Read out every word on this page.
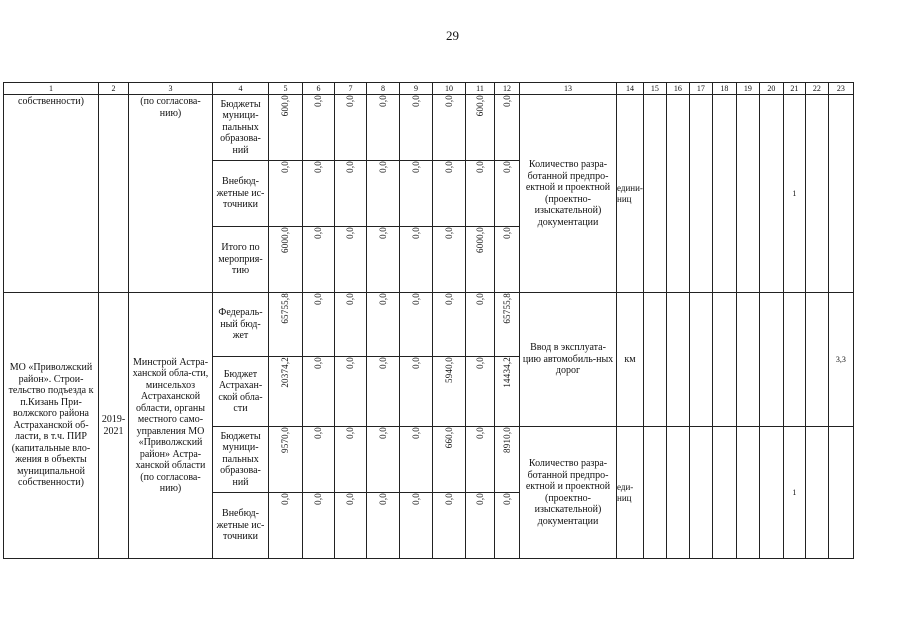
29
1	2	3	4	5	6	7	8	9	10	11	12	13	14	15	16	17	18	19	20	21	22	23
собственности)		(по согласова-нию)	Бюджеты муници-пальных образова-ний	600,0	0,0	0,0	0,0	0,0	0,0	600,0	0,0	Количество разра-ботанной предпро-ектной и проектной (проектно-изыскательной) документации	едини-ниц							1		
			Внебюд-жетные ис-точники	0,0	0,0	0,0	0,0	0,0	0,0	0,0	0,0											
			Итого по мероприя-тию	6000,0	0,0	0,0	0,0	0,0	0,0	6000,0	0,0											
МО «Приволжский район». Строи-тельство подъезда к п.Кизань При-волжского района Астраханской об-ласти, в т.ч. ПИР (капитальные вло-жения в объекты муниципальной собственности)	2019-2021	Минстрой Астра-ханской обла-сти, минсельхоз Астраханской области, органы местного само-управления МО «Приволжский район» Астра-ханской области (по согласова-нию)	Федераль-ный бюд-жет	65755,8	0,0	0,0	0,0	0,0	0,0	0,0	65755,8	Ввод в эксплуата-цию автомобиль-ных дорог	км									3,3
			Бюджет Астрахан-ской обла-сти	20374,2	0,0	0,0	0,0	0,0	5940,0	0,0	14434,2											
			Бюджеты муници-пальных образова-ний	9570,0	0,0	0,0	0,0	0,0	660,0	0,0	8910,0	Количество разра-ботанной предпро-ектной и проектной (проектно-изыскательной) документации	еди-ниц							1		
			Внебюд-жетные ис-точники	0,0	0,0	0,0	0,0	0,0	0,0	0,0	0,0											
